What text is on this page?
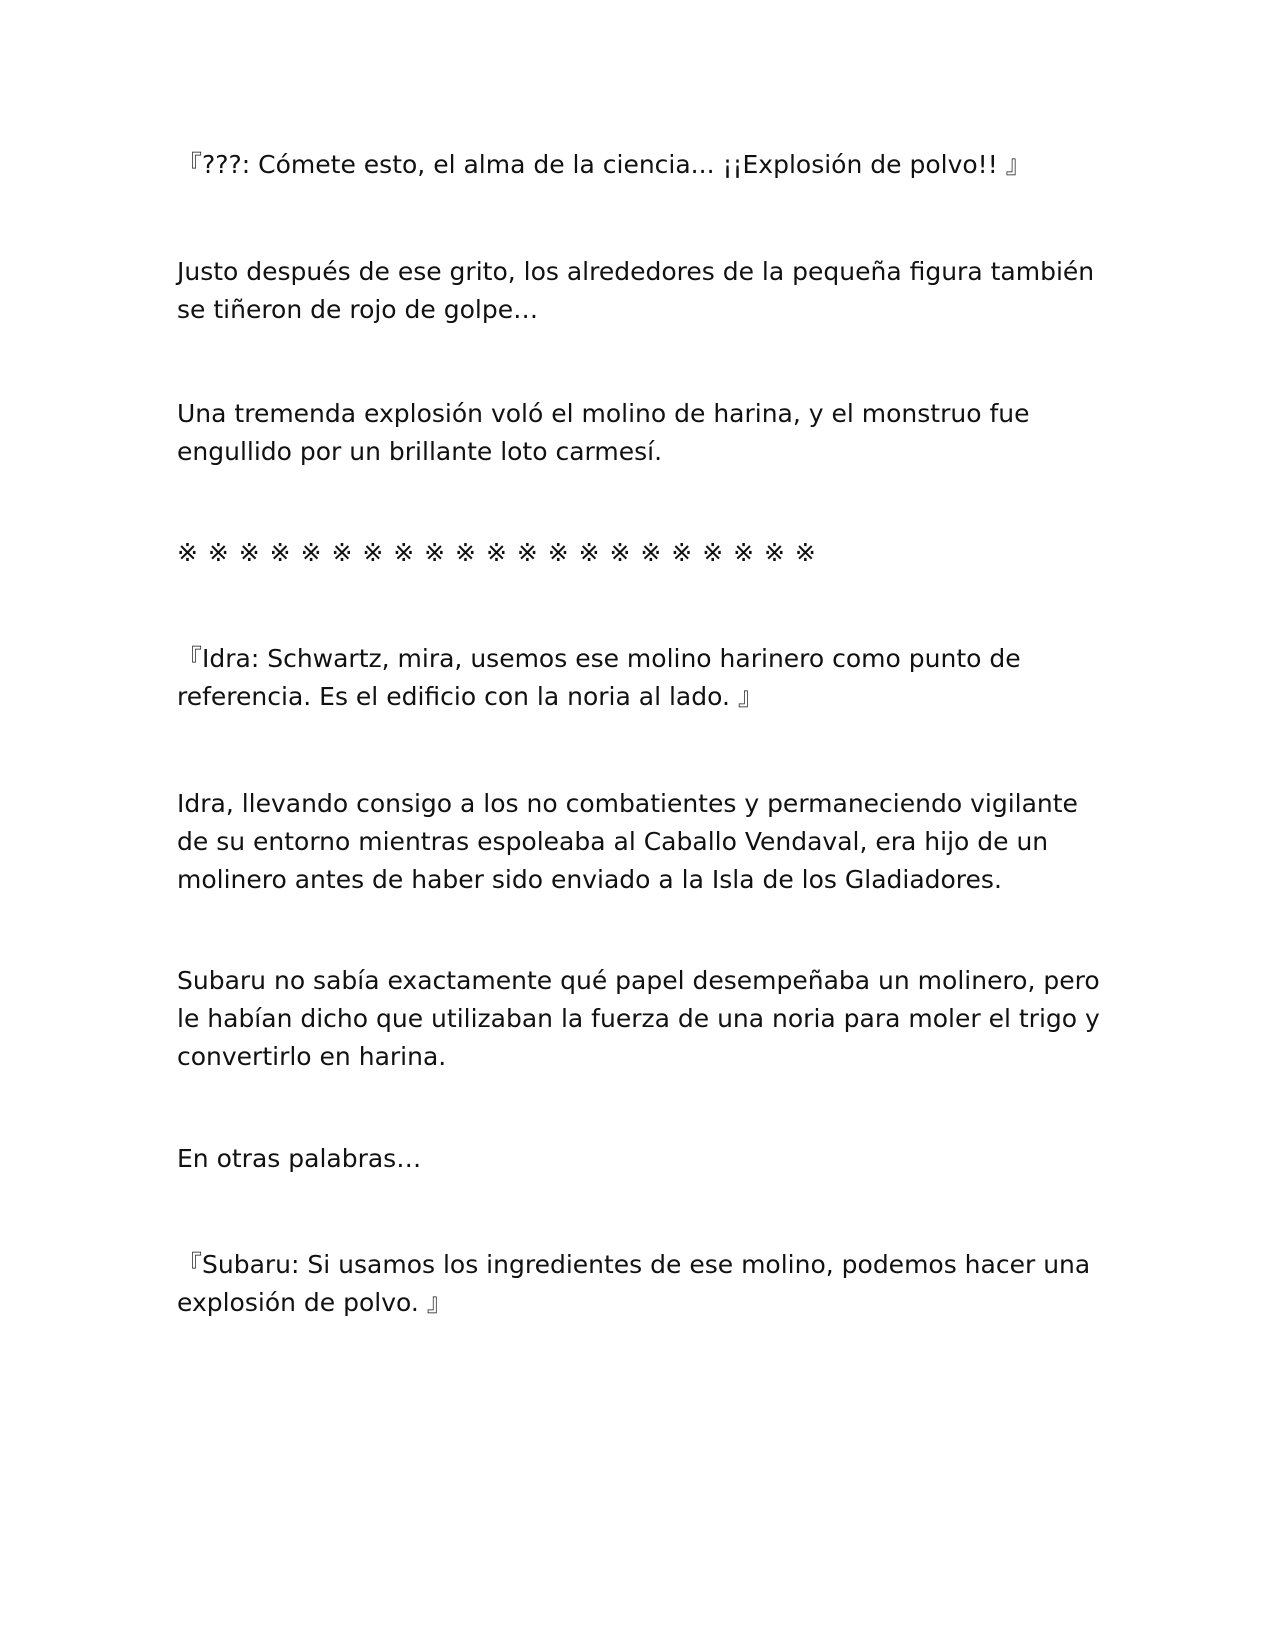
『???: Cómete esto, el alma de la ciencia... ¡¡Explosión de polvo!! 』

Justo después de ese grito, los alrededores de la pequeña figura también se tiñeron de rojo de golpe…

Una tremenda explosión voló el molino de harina, y el monstruo fue engullido por un brillante loto carmesí.

※ ※ ※ ※ ※ ※ ※ ※ ※ ※ ※ ※ ※ ※ ※ ※ ※ ※ ※ ※ ※

『Idra: Schwartz, mira, usemos ese molino harinero como punto de referencia. Es el edificio con la noria al lado. 』

Idra, llevando consigo a los no combatientes y permaneciendo vigilante de su entorno mientras espoleaba al Caballo Vendaval, era hijo de un molinero antes de haber sido enviado a la Isla de los Gladiadores.

Subaru no sabía exactamente qué papel desempeñaba un molinero, pero le habían dicho que utilizaban la fuerza de una noria para moler el trigo y convertirlo en harina.

En otras palabras…

『Subaru: Si usamos los ingredientes de ese molino, podemos hacer una explosión de polvo. 』
